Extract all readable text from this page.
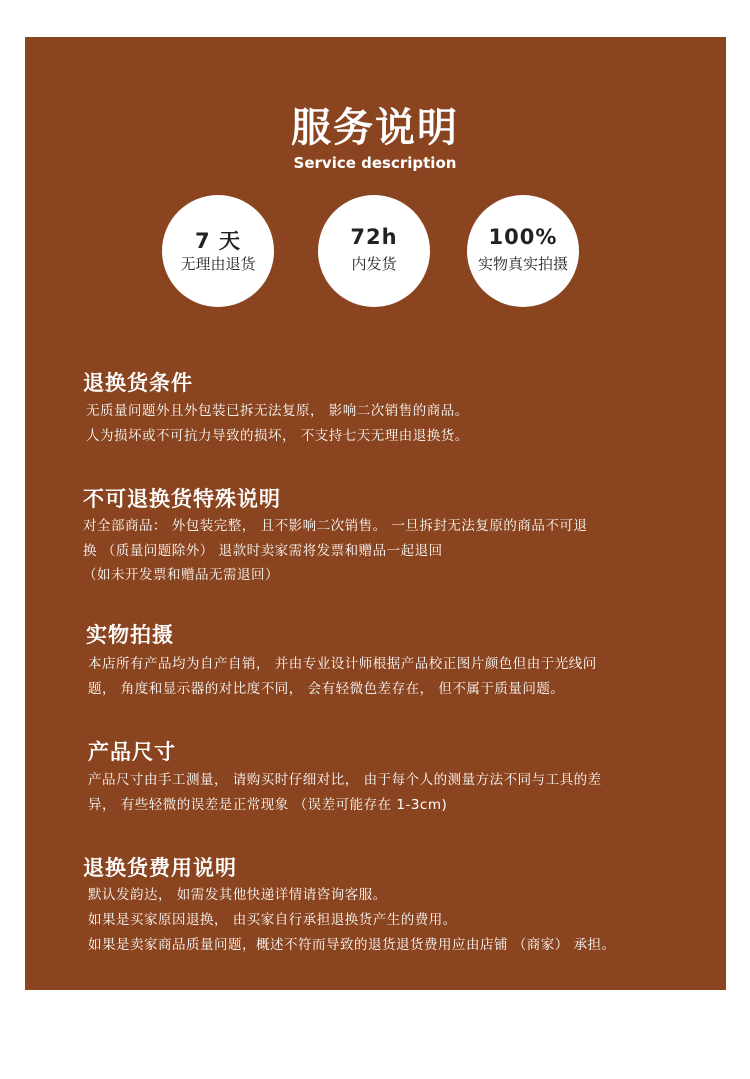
服务说明
Service description
7 天
无理由退货
72h
内发货
100%
实物真实拍摄
退换货条件
无质量问题外且外包装已拆无法复原， 影响二次销售的商品。
人为损坏或不可抗力导致的损坏， 不支持七天无理由退换货。
不可退换货特殊说明
对全部商品： 外包装完整， 且不影响二次销售。 一旦拆封无法复原的商品不可退
换 （质量问题除外） 退款时卖家需将发票和赠品一起退回
（如未开发票和赠品无需退回）
实物拍摄
本店所有产品均为自产自销， 并由专业设计师根据产品校正图片颜色但由于光线问
题， 角度和显示器的对比度不同， 会有轻微色差存在， 但不属于质量问题。
产品尺寸
产品尺寸由手工测量， 请购买时仔细对比， 由于每个人的测量方法不同与工具的差
异， 有些轻微的误差是正常现象 （误差可能存在 1-3cm)
退换货费用说明
默认发韵达， 如需发其他快递详情请咨询客服。
如果是买家原因退换， 由买家自行承担退换货产生的费用。
如果是卖家商品质量问题，概述不符而导致的退货退货费用应由店铺 （商家） 承担。
